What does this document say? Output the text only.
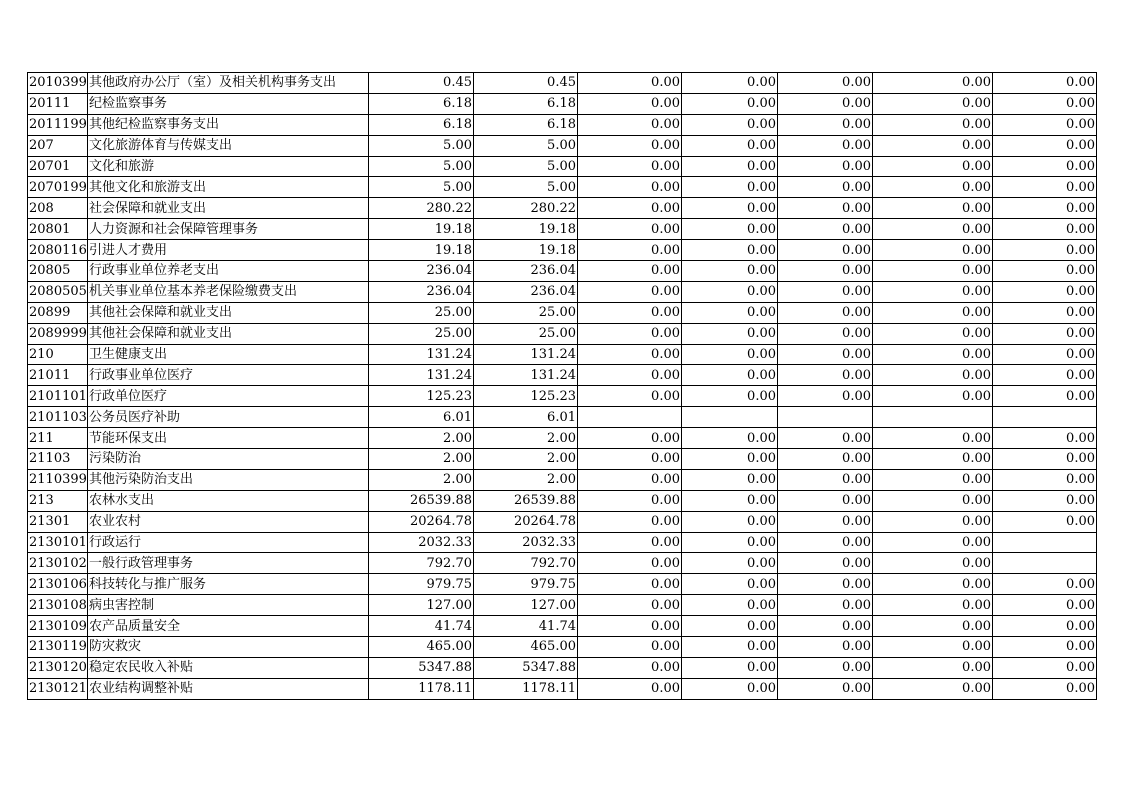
2010399	其他政府办公厅（室）及相关机构事务支出	0.45	0.45	0.00	0.00	0.00	0.00	0.00
20111	纪检监察事务	6.18	6.18	0.00	0.00	0.00	0.00	0.00
2011199	其他纪检监察事务支出	6.18	6.18	0.00	0.00	0.00	0.00	0.00
207	文化旅游体育与传媒支出	5.00	5.00	0.00	0.00	0.00	0.00	0.00
20701	文化和旅游	5.00	5.00	0.00	0.00	0.00	0.00	0.00
2070199	其他文化和旅游支出	5.00	5.00	0.00	0.00	0.00	0.00	0.00
208	社会保障和就业支出	280.22	280.22	0.00	0.00	0.00	0.00	0.00
20801	人力资源和社会保障管理事务	19.18	19.18	0.00	0.00	0.00	0.00	0.00
2080116	引进人才费用	19.18	19.18	0.00	0.00	0.00	0.00	0.00
20805	行政事业单位养老支出	236.04	236.04	0.00	0.00	0.00	0.00	0.00
2080505	机关事业单位基本养老保险缴费支出	236.04	236.04	0.00	0.00	0.00	0.00	0.00
20899	其他社会保障和就业支出	25.00	25.00	0.00	0.00	0.00	0.00	0.00
2089999	其他社会保障和就业支出	25.00	25.00	0.00	0.00	0.00	0.00	0.00
210	卫生健康支出	131.24	131.24	0.00	0.00	0.00	0.00	0.00
21011	行政事业单位医疗	131.24	131.24	0.00	0.00	0.00	0.00	0.00
2101101	行政单位医疗	125.23	125.23	0.00	0.00	0.00	0.00	0.00
2101103	公务员医疗补助	6.01	6.01					
211	节能环保支出	2.00	2.00	0.00	0.00	0.00	0.00	0.00
21103	污染防治	2.00	2.00	0.00	0.00	0.00	0.00	0.00
2110399	其他污染防治支出	2.00	2.00	0.00	0.00	0.00	0.00	0.00
213	农林水支出	26539.88	26539.88	0.00	0.00	0.00	0.00	0.00
21301	农业农村	20264.78	20264.78	0.00	0.00	0.00	0.00	0.00
2130101	行政运行	2032.33	2032.33	0.00	0.00	0.00	0.00	
2130102	一般行政管理事务	792.70	792.70	0.00	0.00	0.00	0.00	
2130106	科技转化与推广服务	979.75	979.75	0.00	0.00	0.00	0.00	0.00
2130108	病虫害控制	127.00	127.00	0.00	0.00	0.00	0.00	0.00
2130109	农产品质量安全	41.74	41.74	0.00	0.00	0.00	0.00	0.00
2130119	防灾救灾	465.00	465.00	0.00	0.00	0.00	0.00	0.00
2130120	稳定农民收入补贴	5347.88	5347.88	0.00	0.00	0.00	0.00	0.00
2130121	农业结构调整补贴	1178.11	1178.11	0.00	0.00	0.00	0.00	0.00
